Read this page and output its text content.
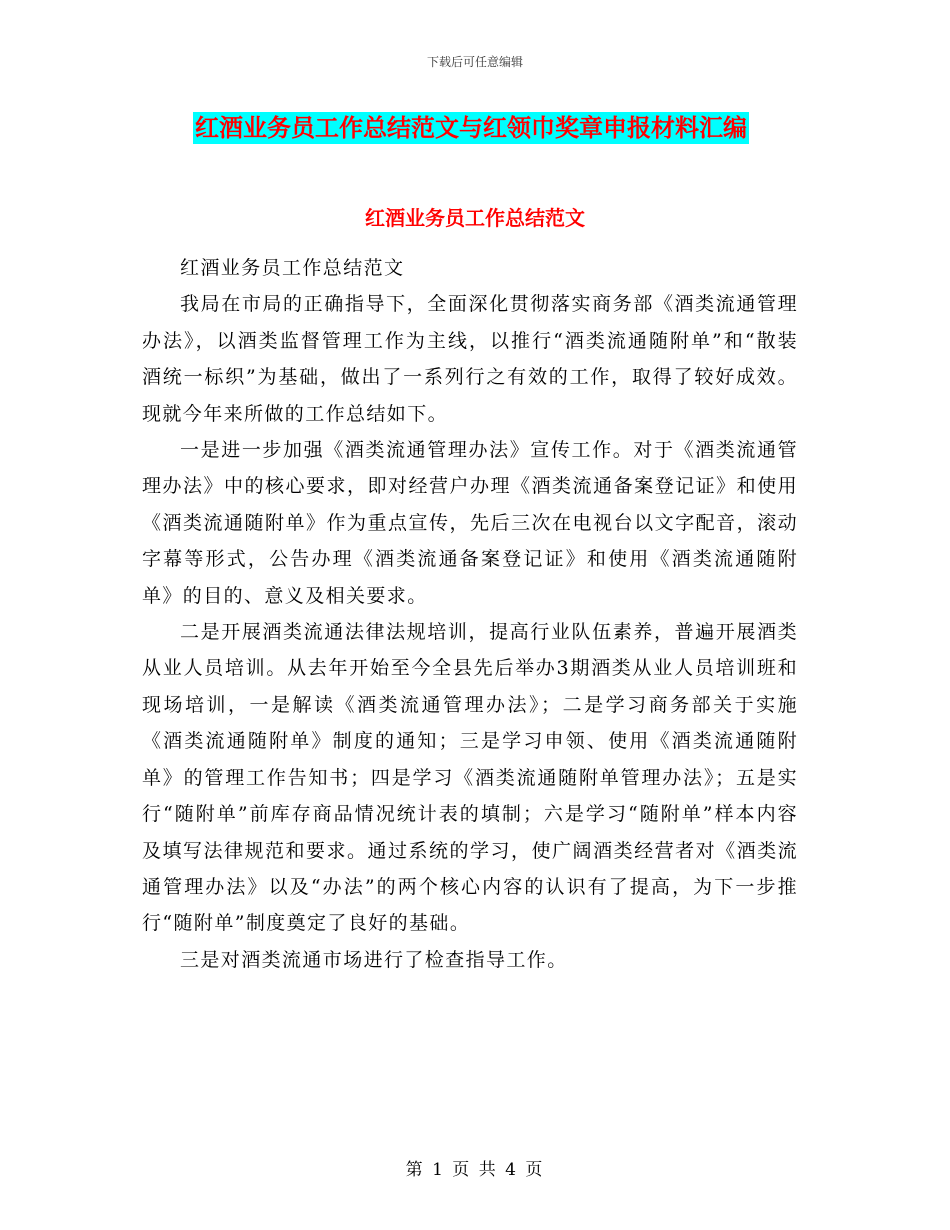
下载后可任意编辑
红酒业务员工作总结范文与红领巾奖章申报材料汇编
红酒业务员工作总结范文

红酒业务员工作总结范文

我局在市局的正确指导下，全面深化贯彻落实商务部《酒类流通管理办法》，以酒类监督管理工作为主线，以推行“酒类流通随附单”和“散装酒统一标织”为基础，做出了一系列行之有效的工作，取得了较好成效。现就今年来所做的工作总结如下。

一是进一步加强《酒类流通管理办法》宣传工作。对于《酒类流通管理办法》中的核心要求，即对经营户办理《酒类流通备案登记证》和使用《酒类流通随附单》作为重点宣传，先后三次在电视台以文字配音，滚动字幕等形式，公告办理《酒类流通备案登记证》和使用《酒类流通随附单》的目的、意义及相关要求。

二是开展酒类流通法律法规培训，提高行业队伍素养，普遍开展酒类从业人员培训。从去年开始至今全县先后举办3期酒类从业人员培训班和现场培训，一是解读《酒类流通管理办法》；二是学习商务部关于实施《酒类流通随附单》制度的通知；三是学习申领、使用《酒类流通随附单》的管理工作告知书；四是学习《酒类流通随附单管理办法》；五是实行“随附单”前库存商品情况统计表的填制；六是学习“随附单”样本内容及填写法律规范和要求。通过系统的学习，使广阔酒类经营者对《酒类流通管理办法》以及“办法”的两个核心内容的认识有了提高，为下一步推行“随附单”制度奠定了良好的基础。

三是对酒类流通市场进行了检查指导工作。

第 1 页 共 4 页
